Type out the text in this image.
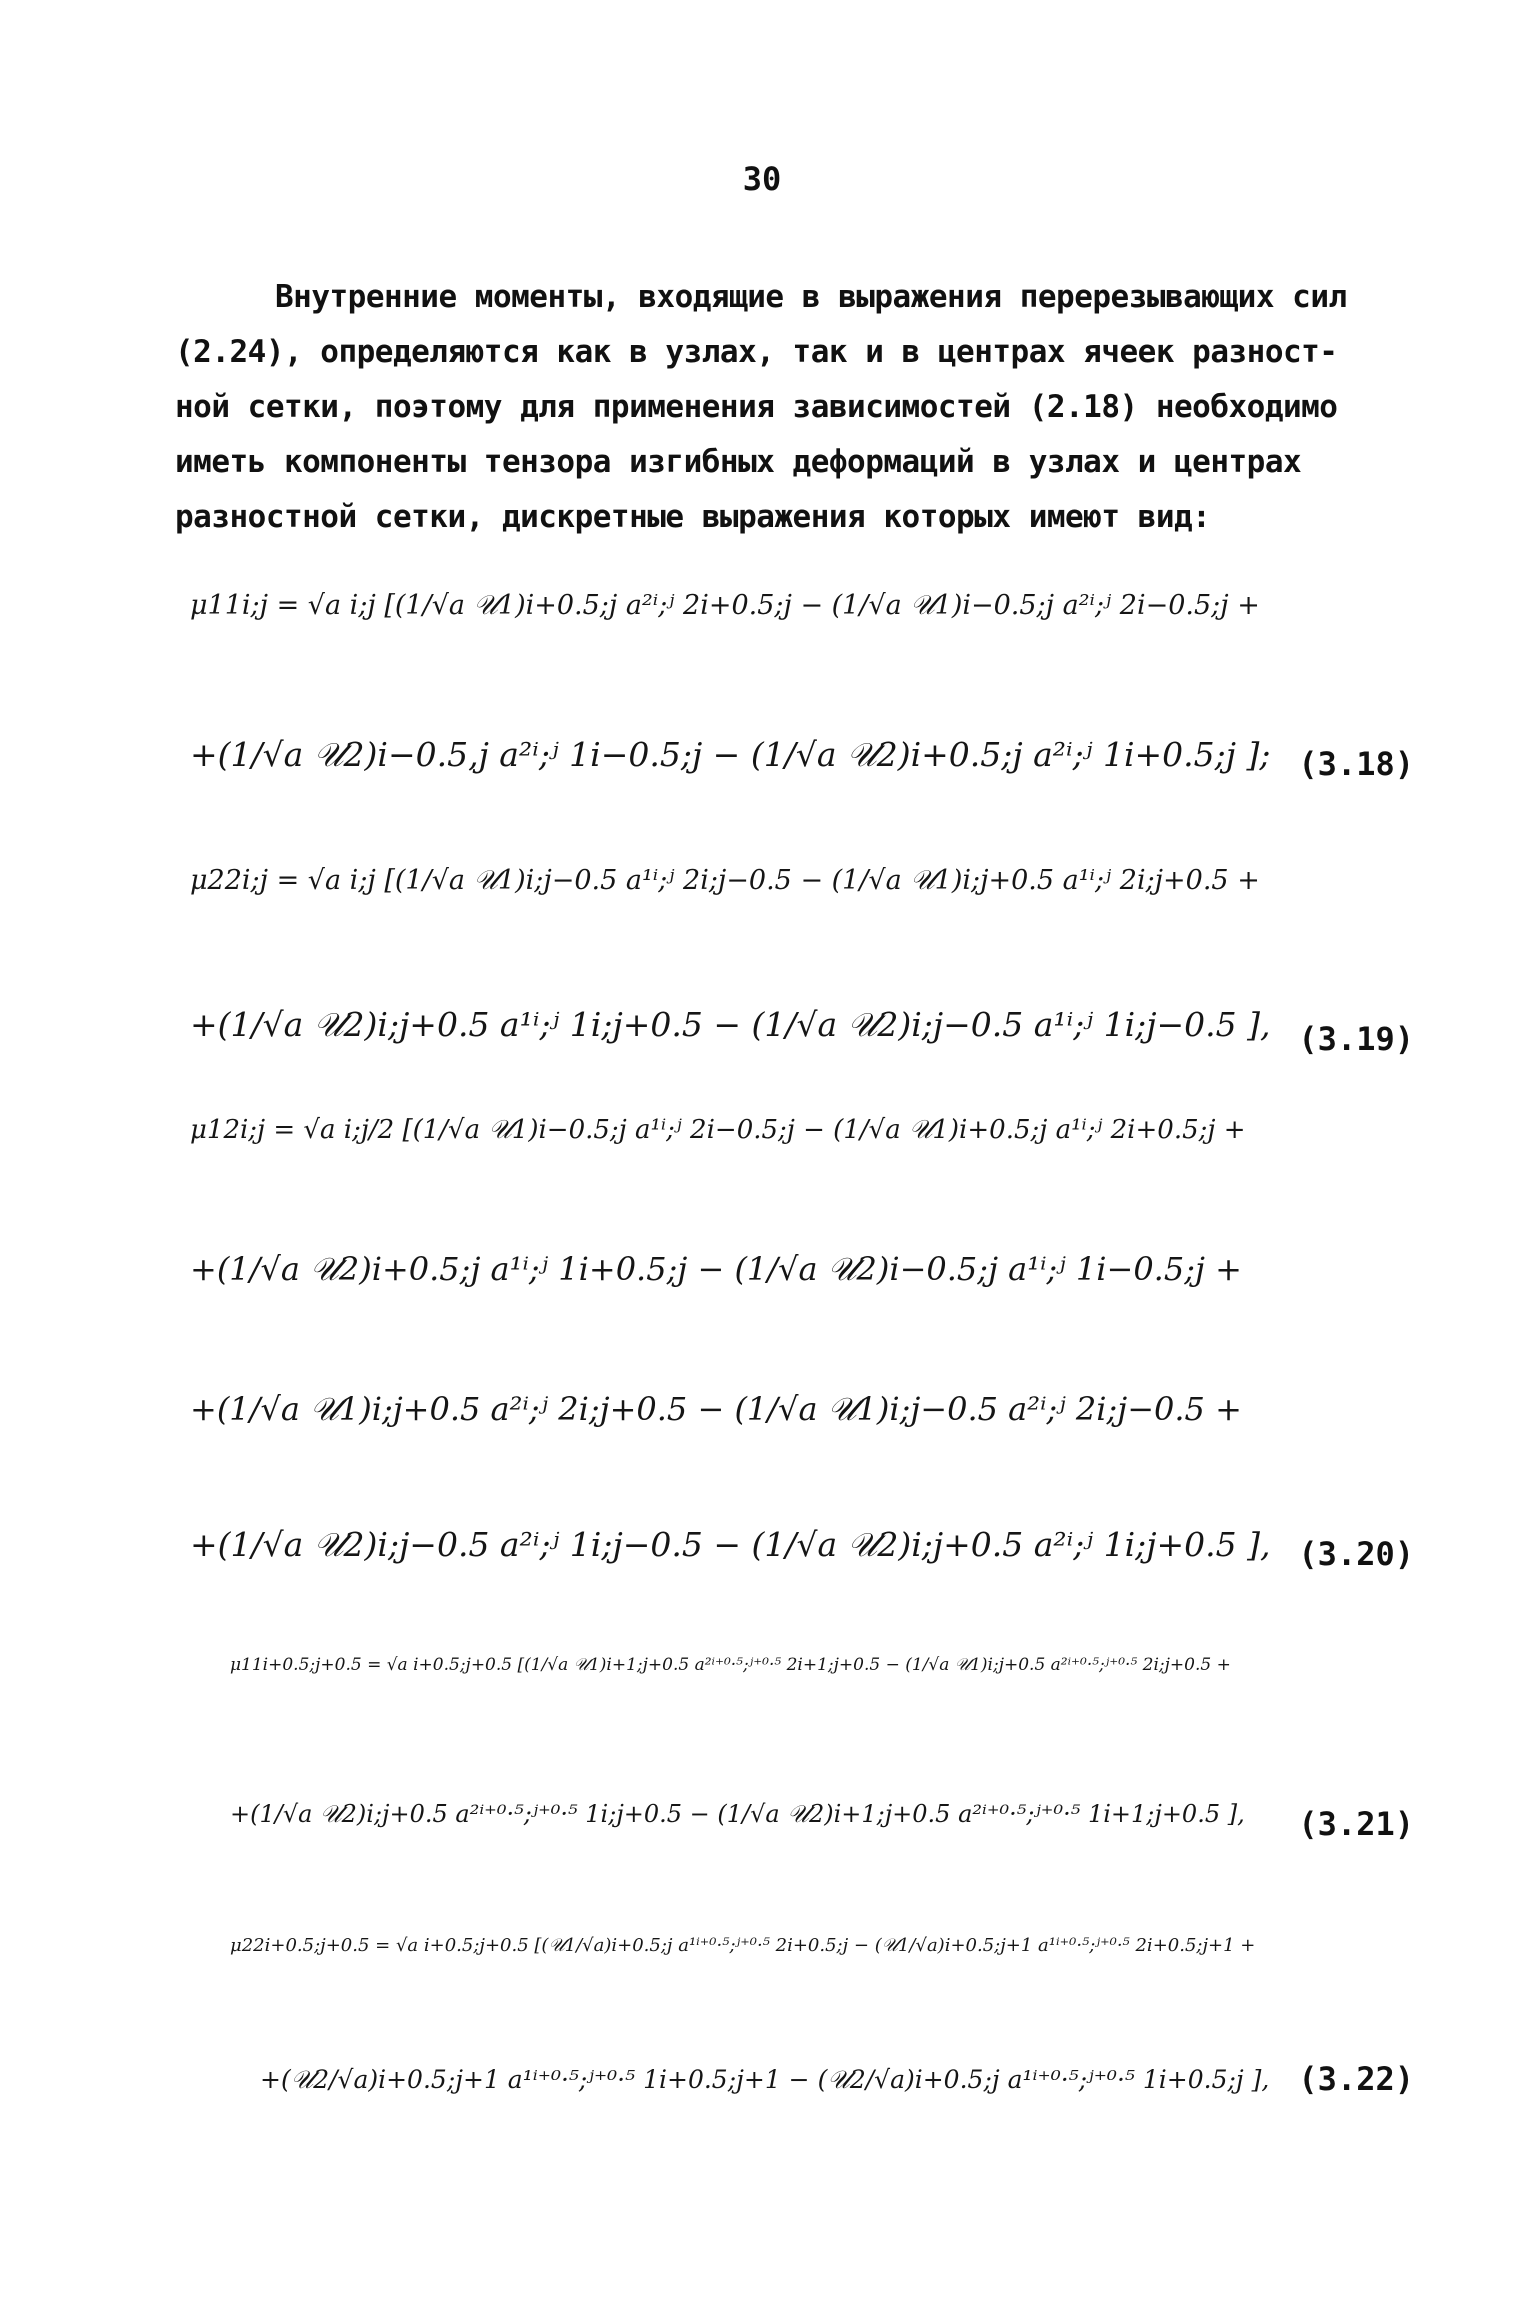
30
Внутренние моменты, входящие в выражения перерезывающих сил
(2.24), определяются как в узлах, так и в центрах ячеек разност-
ной сетки, поэтому для применения зависимостей (2.18) необходимо
иметь компоненты тензора изгибных деформаций в узлах и центрах
разностной сетки, дискретные выражения которых имеют вид:
μ11i;j = √a i;j [(1/√a 𝒰1)i+0.5;j a²ⁱ;ʲ 2i+0.5;j − (1/√a 𝒰1)i−0.5;j a²ⁱ;ʲ 2i−0.5;j +
+(1/√a 𝒰2)i−0.5,j a²ⁱ;ʲ 1i−0.5;j − (1/√a 𝒰2)i+0.5;j a²ⁱ;ʲ 1i+0.5;j ]; (3.18)
μ22i;j = √a i;j [(1/√a 𝒰1)i;j−0.5 a¹ⁱ;ʲ 2i;j−0.5 − (1/√a 𝒰1)i;j+0.5 a¹ⁱ;ʲ 2i;j+0.5 +
+(1/√a 𝒰2)i;j+0.5 a¹ⁱ;ʲ 1i;j+0.5 − (1/√a 𝒰2)i;j−0.5 a¹ⁱ;ʲ 1i;j−0.5 ], (3.19)
μ12i;j = √a i;j/2 [(1/√a 𝒰1)i−0.5;j a¹ⁱ;ʲ 2i−0.5;j − (1/√a 𝒰1)i+0.5;j a¹ⁱ;ʲ 2i+0.5;j +
+(1/√a 𝒰2)i+0.5;j a¹ⁱ;ʲ 1i+0.5;j − (1/√a 𝒰2)i−0.5;j a¹ⁱ;ʲ 1i−0.5;j +
+(1/√a 𝒰1)i;j+0.5 a²ⁱ;ʲ 2i;j+0.5 − (1/√a 𝒰1)i;j−0.5 a²ⁱ;ʲ 2i;j−0.5 +
+(1/√a 𝒰2)i;j−0.5 a²ⁱ;ʲ 1i;j−0.5 − (1/√a 𝒰2)i;j+0.5 a²ⁱ;ʲ 1i;j+0.5 ], (3.20)
μ11i+0.5;j+0.5 = √a i+0.5;j+0.5 [(1/√a 𝒰1)i+1;j+0.5 a²ⁱ⁺⁰·⁵;ʲ⁺⁰·⁵ 2i+1;j+0.5 − (1/√a 𝒰1)i;j+0.5 a²ⁱ⁺⁰·⁵;ʲ⁺⁰·⁵ 2i;j+0.5 +
+(1/√a 𝒰2)i;j+0.5 a²ⁱ⁺⁰·⁵;ʲ⁺⁰·⁵ 1i;j+0.5 − (1/√a 𝒰2)i+1;j+0.5 a²ⁱ⁺⁰·⁵;ʲ⁺⁰·⁵ 1i+1;j+0.5 ], (3.21)
μ22i+0.5;j+0.5 = √a i+0.5;j+0.5 [(𝒰1/√a)i+0.5;j a¹ⁱ⁺⁰·⁵;ʲ⁺⁰·⁵ 2i+0.5;j − (𝒰1/√a)i+0.5;j+1 a¹ⁱ⁺⁰·⁵;ʲ⁺⁰·⁵ 2i+0.5;j+1 +
+(𝒰2/√a)i+0.5;j+1 a¹ⁱ⁺⁰·⁵;ʲ⁺⁰·⁵ 1i+0.5;j+1 − (𝒰2/√a)i+0.5;j a¹ⁱ⁺⁰·⁵;ʲ⁺⁰·⁵ 1i+0.5;j ], (3.22)
